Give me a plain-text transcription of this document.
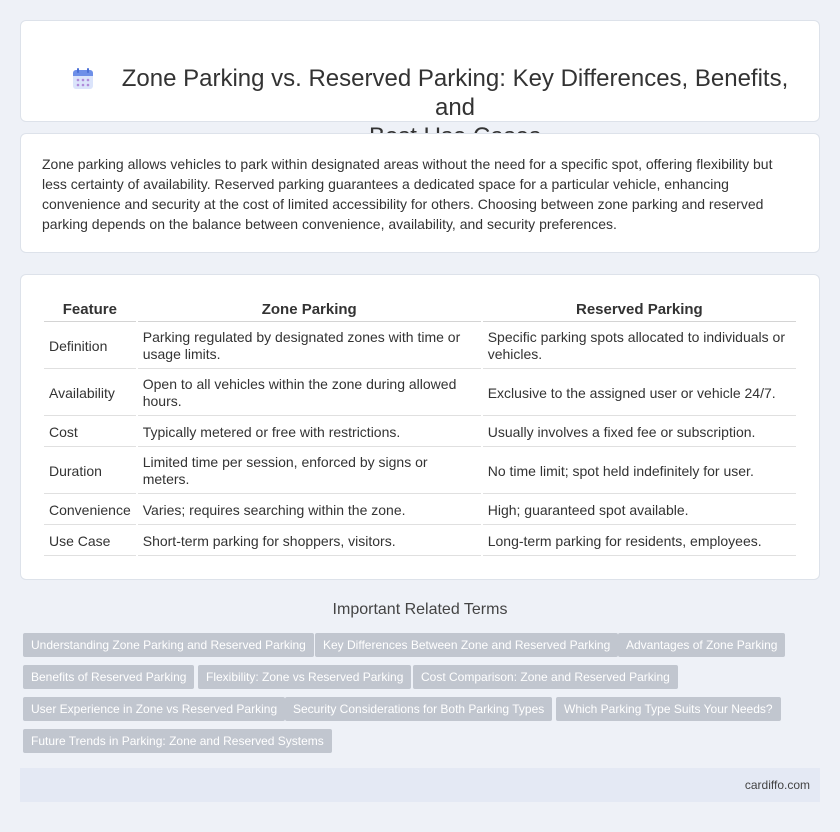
Zone Parking vs. Reserved Parking: Key Differences, Benefits, and

Zone parking allows vehicles to park within designated areas without the need for a specific spot, offering flexibility but less certainty of availability. Reserved parking guarantees a dedicated space for a particular vehicle, enhancing convenience and security at the cost of limited accessibility for others. Choosing between zone parking and reserved parking depends on the balance between convenience, availability, and security preferences.

Feature	Zone Parking	Reserved Parking
Definition	Parking regulated by designated zones with time or usage limits.	Specific parking spots allocated to individuals or vehicles.
Availability	Open to all vehicles within the zone during allowed hours.	Exclusive to the assigned user or vehicle 24/7.
Cost	Typically metered or free with restrictions.	Usually involves a fixed fee or subscription.
Duration	Limited time per session, enforced by signs or meters.	No time limit; spot held indefinitely for user.
Convenience	Varies; requires searching within the zone.	High; guaranteed spot available.
Use Case	Short-term parking for shoppers, visitors.	Long-term parking for residents, employees.
Important Related Terms
Understanding Zone Parking and Reserved Parking	Key Differences Between Zone and Reserved Parking	Advantages of Zone Parking
Benefits of Reserved Parking	Flexibility: Zone vs Reserved Parking	Cost Comparison: Zone and Reserved Parking
User Experience in Zone vs Reserved Parking	Security Considerations for Both Parking Types	Which Parking Type Suits Your Needs?
Future Trends in Parking: Zone and Reserved Systems
cardiffo.com
